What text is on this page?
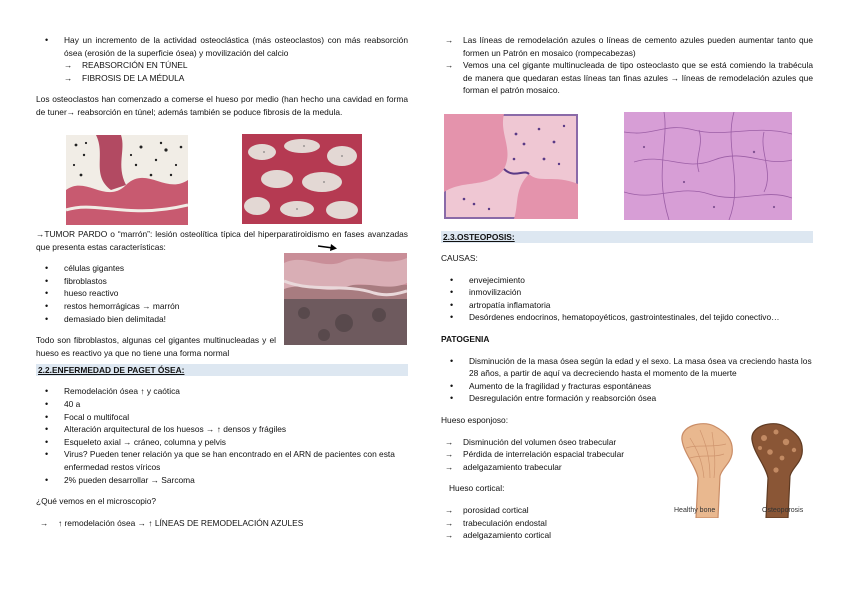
• Hay un incremento de la actividad osteoclástica (más osteoclastos) con más reabsorción ósea (erosión de la superficie ósea) y movilización del calcio
→ REABSORCIÓN EN TÚNEL
→ FIBROSIS DE LA MÉDULA

Los osteoclastos han comenzado a comerse el hueso por medio (han hecho una cavidad en forma de tuner→ reabsorción en túnel; además también se poduce fibrosis de la medula.

→TUMOR PARDO o “marrón”: lesión osteolítica típica del hiperparatiroidismo en fases avanzadas que presenta estas características:

• células gigantes
• fibroblastos
• hueso reactivo
• restos hemorrágicas → marrón
• demasiado bien delimitada!

Todo son fibroblastos, algunas cel gigantes multinucleadas y el hueso es reactivo ya que no tiene una forma normal

2.2.ENFERMEDAD DE PAGET ÓSEA:
• Remodelación ósea ↑ y caótica
• 40 a
• Focal o multifocal
• Alteración arquitectural de los huesos → ↑ densos y frágiles
• Esqueleto axial → cráneo, columna y pelvis
• Virus? Pueden tener relación ya que se han encontrado en el ARN de pacientes con esta enfermedad restos víricos
• 2% pueden desarrollar → Sarcoma

¿Qué vemos en el microscopio?

→ ↑ remodelación ósea → ↑ LÍNEAS DE REMODELACIÓN AZULES
→ Las líneas de remodelación azules o líneas de cemento azules pueden aumentar tanto que formen un Patrón en mosaico (rompecabezas)
→ Vemos una cel gigante multinucleada de tipo osteoclasto que se está comiendo la trabécula de manera que quedaran estas líneas tan finas azules → líneas de remodelación azules que forman el patrón mosaico.
2.3.OSTEOPOSIS:

CAUSAS:

• envejecimiento
• inmovilización
• artropatía inflamatoria
• Desórdenes endocrinos, hematopoyéticos, gastrointestinales, del tejido conectivo…

PATOGENIA

• Disminución de la masa ósea según la edad y el sexo. La masa ósea va creciendo hasta los 28 años, a partir de aquí va decreciendo hasta el momento de la muerte
• Aumento de la fragilidad y fracturas espontáneas
• Desregulación entre formación y reabsorción ósea

Hueso esponjoso:

→ Disminución del volumen óseo trabecular
→ Pérdida de interrelación espacial trabecular
→ adelgazamiento trabecular

Hueso cortical:

→ porosidad cortical
→ trabeculación endostal
→ adelgazamiento cortical
Healthy bone	Osteoporosis
